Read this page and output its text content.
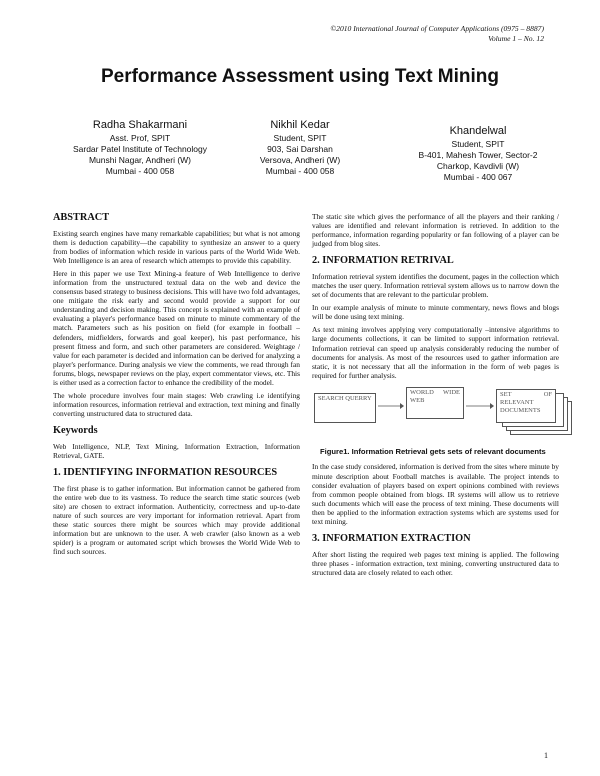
©2010 International Journal of Computer Applications (0975 – 8887)
Volume 1 – No. 12
Performance Assessment using Text Mining
Radha Shakarmani
Asst. Prof, SPIT
Sardar Patel Institute of Technology
Munshi Nagar, Andheri (W)
Mumbai - 400 058
Nikhil Kedar
Student, SPIT
903, Sai Darshan
Versova, Andheri (W)
Mumbai - 400 058
Khandelwal
Student, SPIT
B-401, Mahesh Tower, Sector-2
Charkop, Kavdivli (W)
Mumbai - 400 067
ABSTRACT

Existing search engines have many remarkable capabilities; but what is not among them is deduction capability—the capability to synthesize an answer to a query from bodies of information which reside in various parts of the World Wide Web. Web Intelligence is an area of research which attempts to provide this capability.

Here in this paper we use Text Mining-a feature of Web Intelligence to derive information from the unstructured textual data on the web and device the consensus based strategy to business decisions. This will have two fold advantages, one mitigate the risk early and second would provide a support for our understanding and decision making. This concept is explained with an example of evaluating a player's performance based on minute to minute commentary of the match. Parameters such as his position on field (for example in football – defenders, midfielders, forwards and goal keeper), his past performance, his present fitness and form, and such other parameters are considered. Weightage / value for each parameter is decided and information can be derived for analyzing a player's performance. During analysis we view the comments, we read through fan forums, blogs, newspaper reviews on the play, expert commentator views, etc. This is either used as a correction factor to enhance the credibility of the model.

The whole procedure involves four main stages: Web crawling i.e identifying information resources, information retrieval and extraction, text mining and finally converting unstructured data to structured data.

Keywords

Web Intelligence, NLP, Text Mining, Information Extraction, Information Retrieval, GATE.

1. IDENTIFYING INFORMATION RESOURCES

The first phase is to gather information. But information cannot be gathered from the entire web due to its vastness. To reduce the search time static sources (web site) are chosen to extract information. Authenticity, correctness and up-to-date nature of such sources are very important for information retrieval. Apart from these static sources there might be sources which may provide additional information but are unknown to the user. A web crawler (also known as a web spider) is a program or automated script which browses the World Wide Web to find such sources.

The static site which gives the performance of all the players and their ranking / values are identified and relevant information is retrieved. In addition to the performance, information regarding popularity or fan following of a player can be judged from blog sites.

2. INFORMATION RETRIVAL

Information retrieval system identifies the document, pages in the collection which matches the user query. Information retrieval system allows us to narrow down the set of documents that are relevant to the particular problem.

In our example analysis of minute to minute commentary, news flows and blogs will be done using text mining.

As text mining involves applying very computationally –intensive algorithms to large documents collections, it can be limited to support information retrieval. Information retrieval can speed up analysis considerably reducing the number of documents for analysis. As most of the resources used to gather information are static, it is not necessary that all the information in the form of web pages is required for further analysis.

SEARCH QUERRY
WORLD WIDE WEB
SET OF RELEVANT DOCUMENTS
Figure1. Information Retrieval gets sets of relevant documents

In the case study considered, information is derived from the sites where minute by minute description about Football matches is available. The project intends to consider evaluation of players based on expert opinions combined with reviews from common people obtained from blogs. IR systems will allow us to retrieve such documents which will ease the process of text mining. These documents will then be applied to the information extraction systems which are systems used for text mining.

3. INFORMATION EXTRACTION

After short listing the required web pages text mining is applied. The following three phases - information extraction, text mining, converting unstructured data to structured data are closely related to each other.

1
